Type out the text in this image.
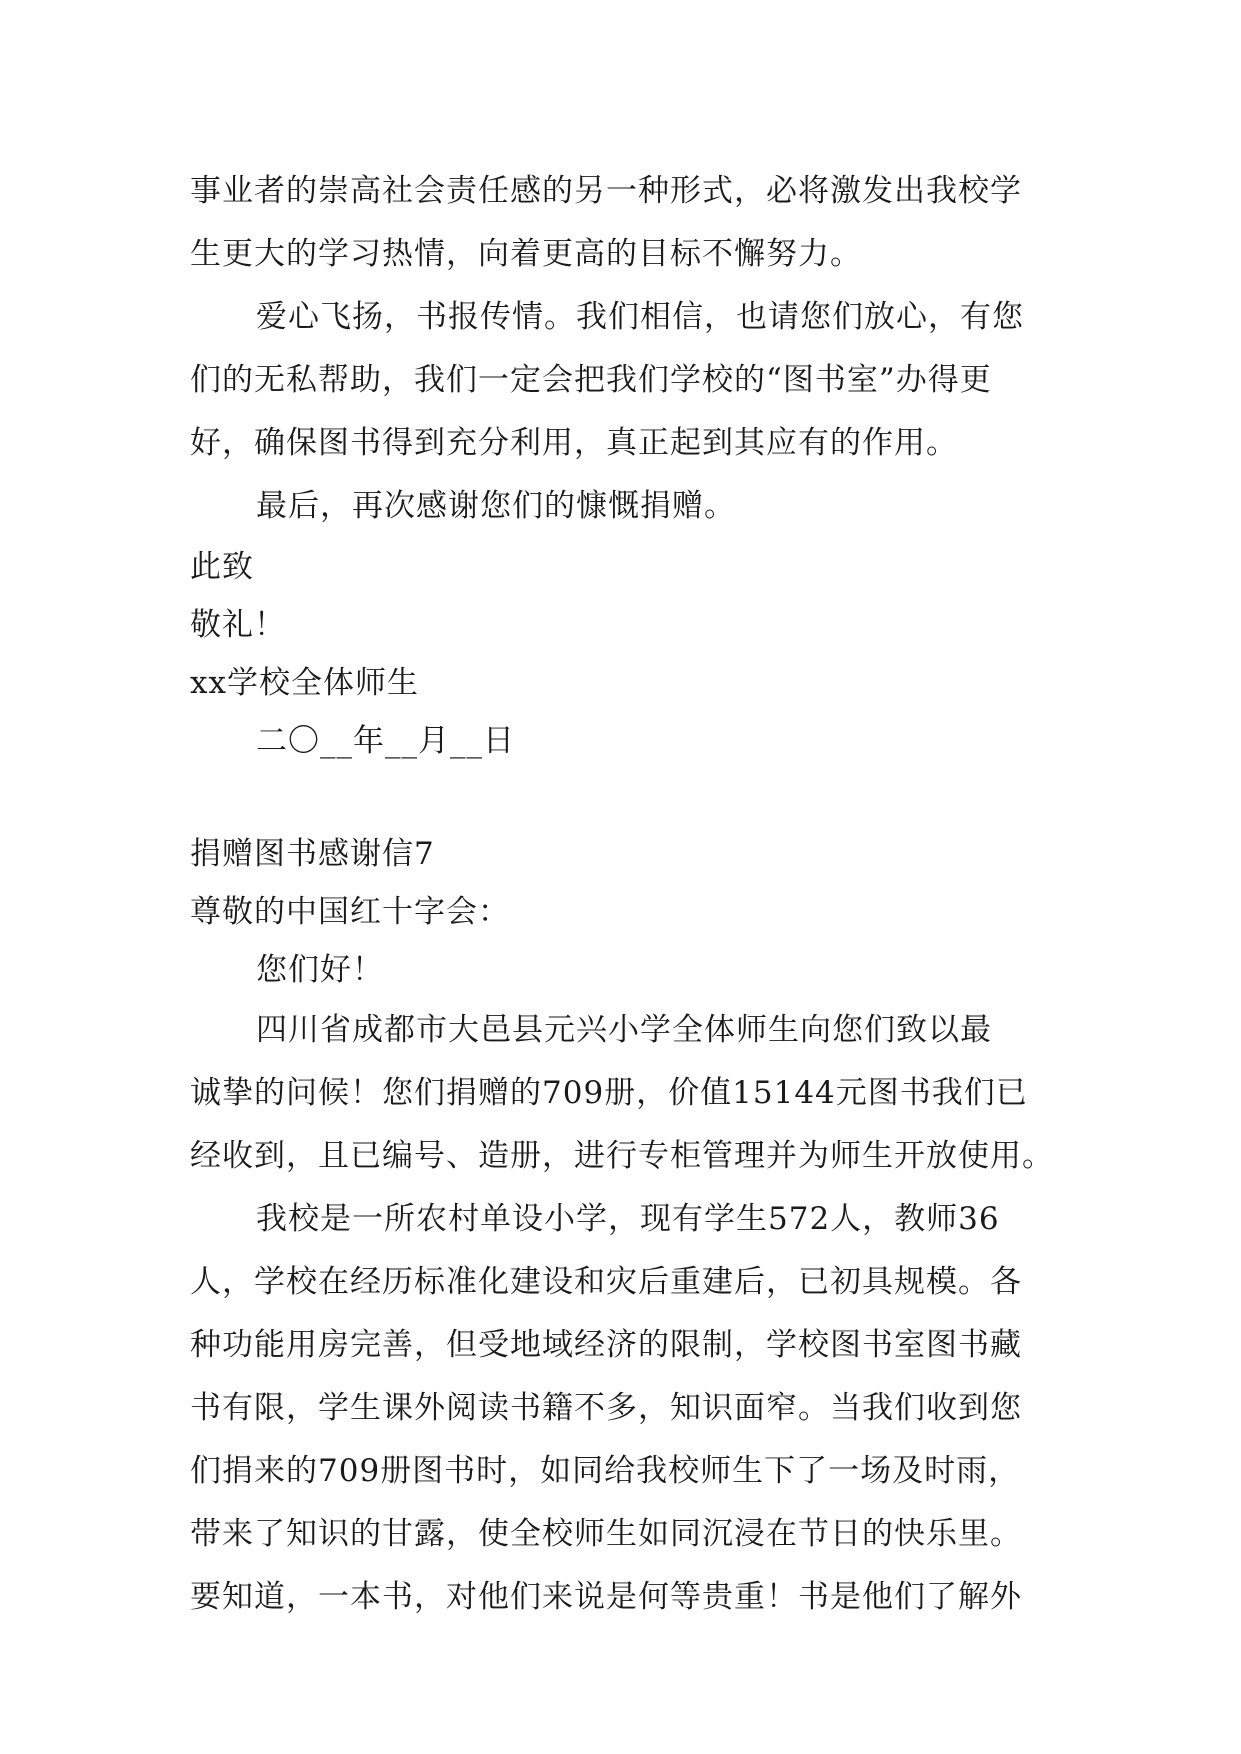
事业者的崇高社会责任感的另一种形式，必将激发出我校学
生更大的学习热情，向着更高的目标不懈努力。
爱心飞扬，书报传情。我们相信，也请您们放心，有您
们的无私帮助，我们一定会把我们学校的“图书室”办得更
好，确保图书得到充分利用，真正起到其应有的作用。
最后，再次感谢您们的慷慨捐赠。
此致
敬礼！
xx学校全体师生
二〇__年__月__日
捐赠图书感谢信7
尊敬的中国红十字会：
您们好！
四川省成都市大邑县元兴小学全体师生向您们致以最
诚挚的问候！您们捐赠的709册，价值15144元图书我们已
经收到，且已编号、造册，进行专柜管理并为师生开放使用。
我校是一所农村单设小学，现有学生572人，教师36
人，学校在经历标准化建设和灾后重建后，已初具规模。各
种功能用房完善，但受地域经济的限制，学校图书室图书藏
书有限，学生课外阅读书籍不多，知识面窄。当我们收到您
们捐来的709册图书时，如同给我校师生下了一场及时雨，
带来了知识的甘露，使全校师生如同沉浸在节日的快乐里。
要知道，一本书，对他们来说是何等贵重！书是他们了解外
